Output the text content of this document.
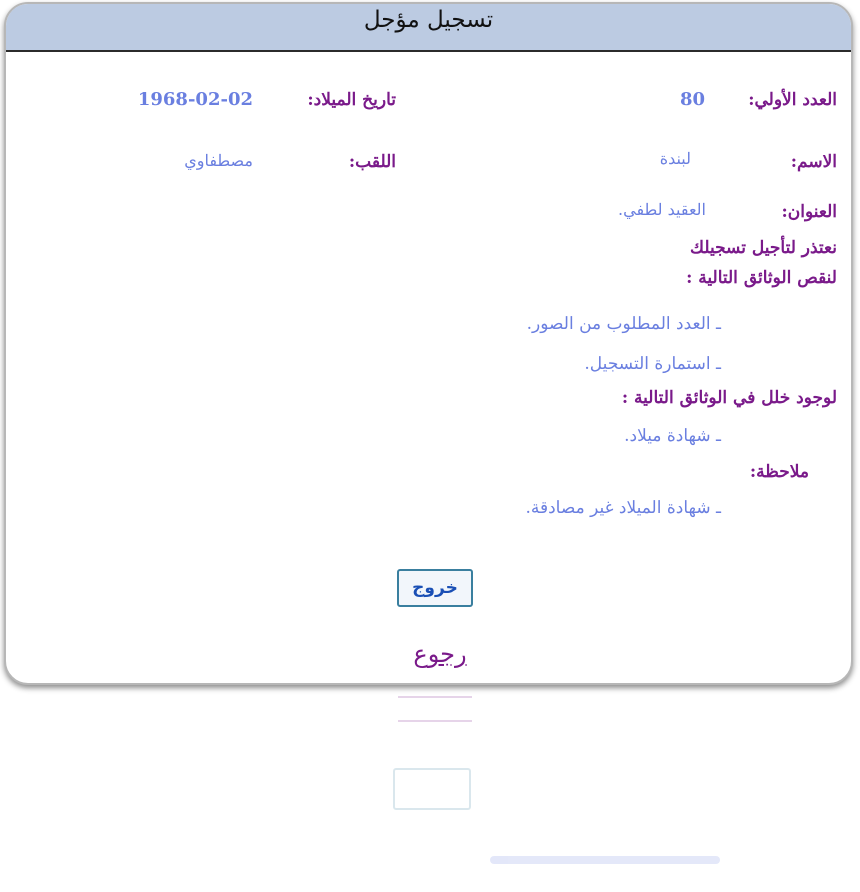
تسجيل مؤجل
العدد الأولي:
80
تاريخ الميلاد:
1968-02-02
الاسم:
لبندة
اللقب:
مصطفاوي
العنوان:
العقيد لطفي.
نعتذر لتأجيل تسجيلك
لنقص الوثائق التالية :
ـ العدد المطلوب من الصور.
ـ استمارة التسجيل.
لوجود خلل في الوثائق التالية :
ـ شهادة ميلاد.
ملاحظة:
ـ شهادة الميلاد غير مصادقة.
خروج
رجوع
